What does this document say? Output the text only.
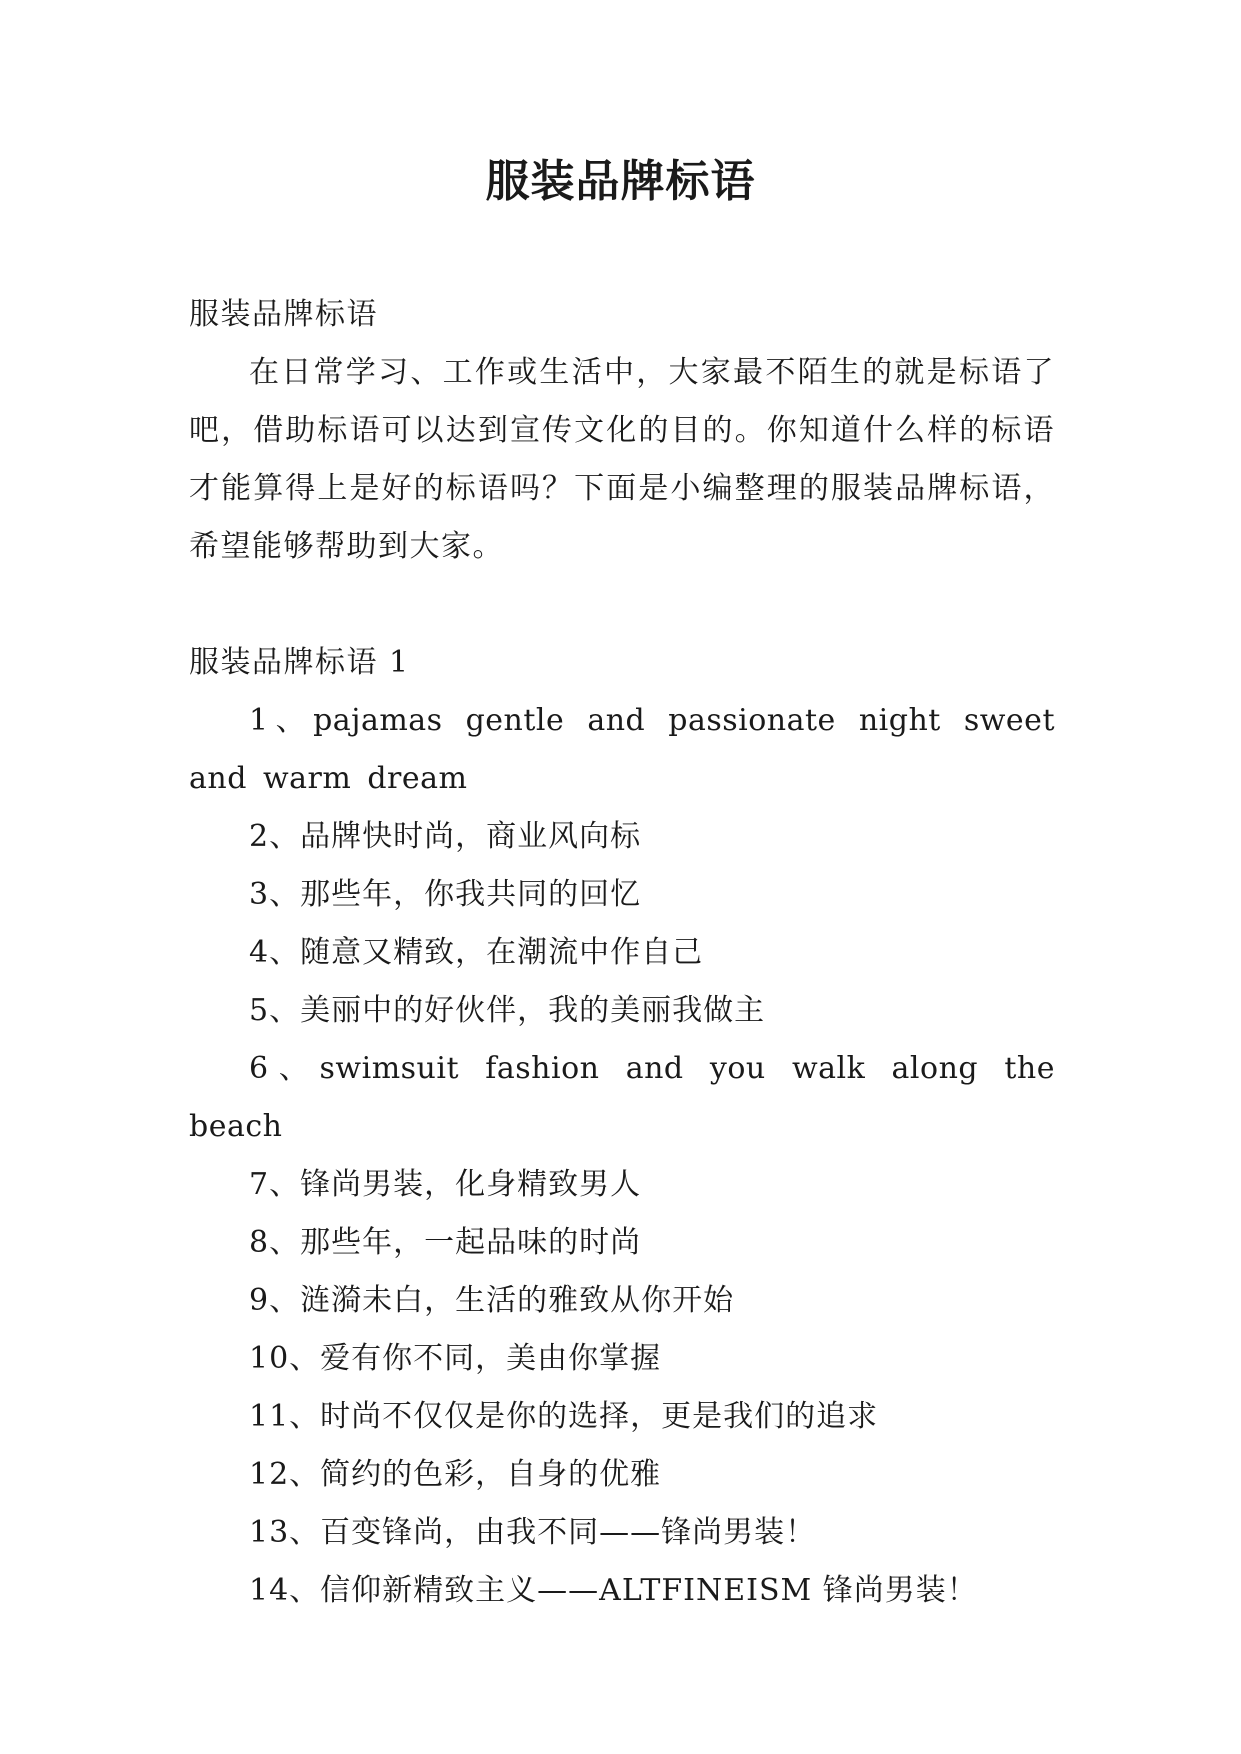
服装品牌标语

服装品牌标语

在日常学习、工作或生活中，大家最不陌生的就是标语了吧，借助标语可以达到宣传文化的目的。你知道什么样的标语才能算得上是好的标语吗？下面是小编整理的服装品牌标语，希望能够帮助到大家。

服装品牌标语 1

1、pajamas gentle and passionate night sweet and warm dream

2、品牌快时尚，商业风向标

3、那些年，你我共同的回忆

4、随意又精致，在潮流中作自己

5、美丽中的好伙伴，我的美丽我做主

6、swimsuit fashion and you walk along the beach

7、锋尚男装，化身精致男人

8、那些年，一起品味的时尚

9、涟漪未白，生活的雅致从你开始

10、爱有你不同，美由你掌握

11、时尚不仅仅是你的选择，更是我们的追求

12、简约的色彩，自身的优雅

13、百变锋尚，由我不同——锋尚男装！

14、信仰新精致主义——ALTFINEISM 锋尚男装！
